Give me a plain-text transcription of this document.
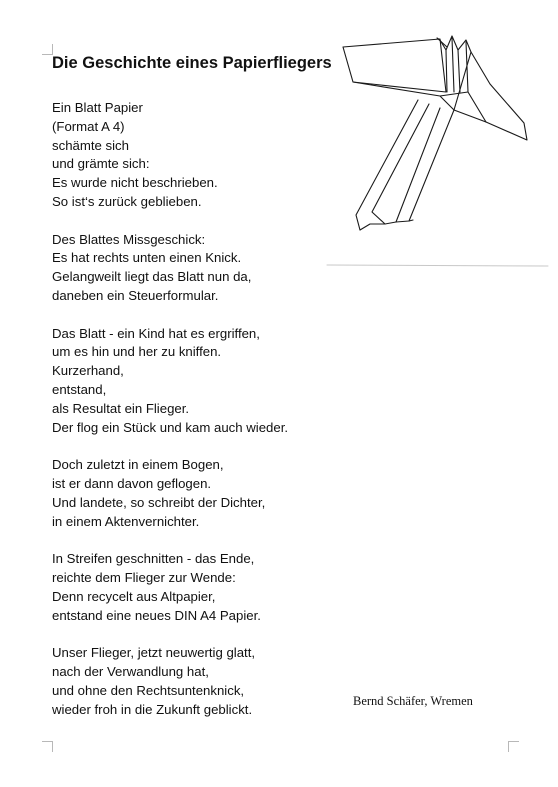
Die Geschichte eines Papierfliegers
Ein Blatt Papier
(Format A 4)
schämte sich
und grämte sich:
Es wurde nicht beschrieben.
So ist‘s zurück geblieben.
Des Blattes Missgeschick:
Es hat rechts unten einen Knick.
Gelangweilt liegt das Blatt nun da,
daneben ein Steuerformular.
Das Blatt - ein Kind hat es ergriffen,
um es hin und her zu kniffen.
Kurzerhand,
entstand,
als Resultat ein Flieger.
Der flog ein Stück und kam auch wieder.
Doch zuletzt in einem Bogen,
ist er dann davon geflogen.
Und landete, so schreibt der Dichter,
in einem Aktenvernichter.
In Streifen geschnitten - das Ende,
reichte dem Flieger zur Wende:
Denn recycelt aus Altpapier,
entstand eine neues DIN A4 Papier.
Unser Flieger, jetzt neuwertig glatt,
nach der Verwandlung hat,
und ohne den Rechtsuntenknick,
wieder froh in die Zukunft geblickt.
Bernd Schäfer, Wremen
